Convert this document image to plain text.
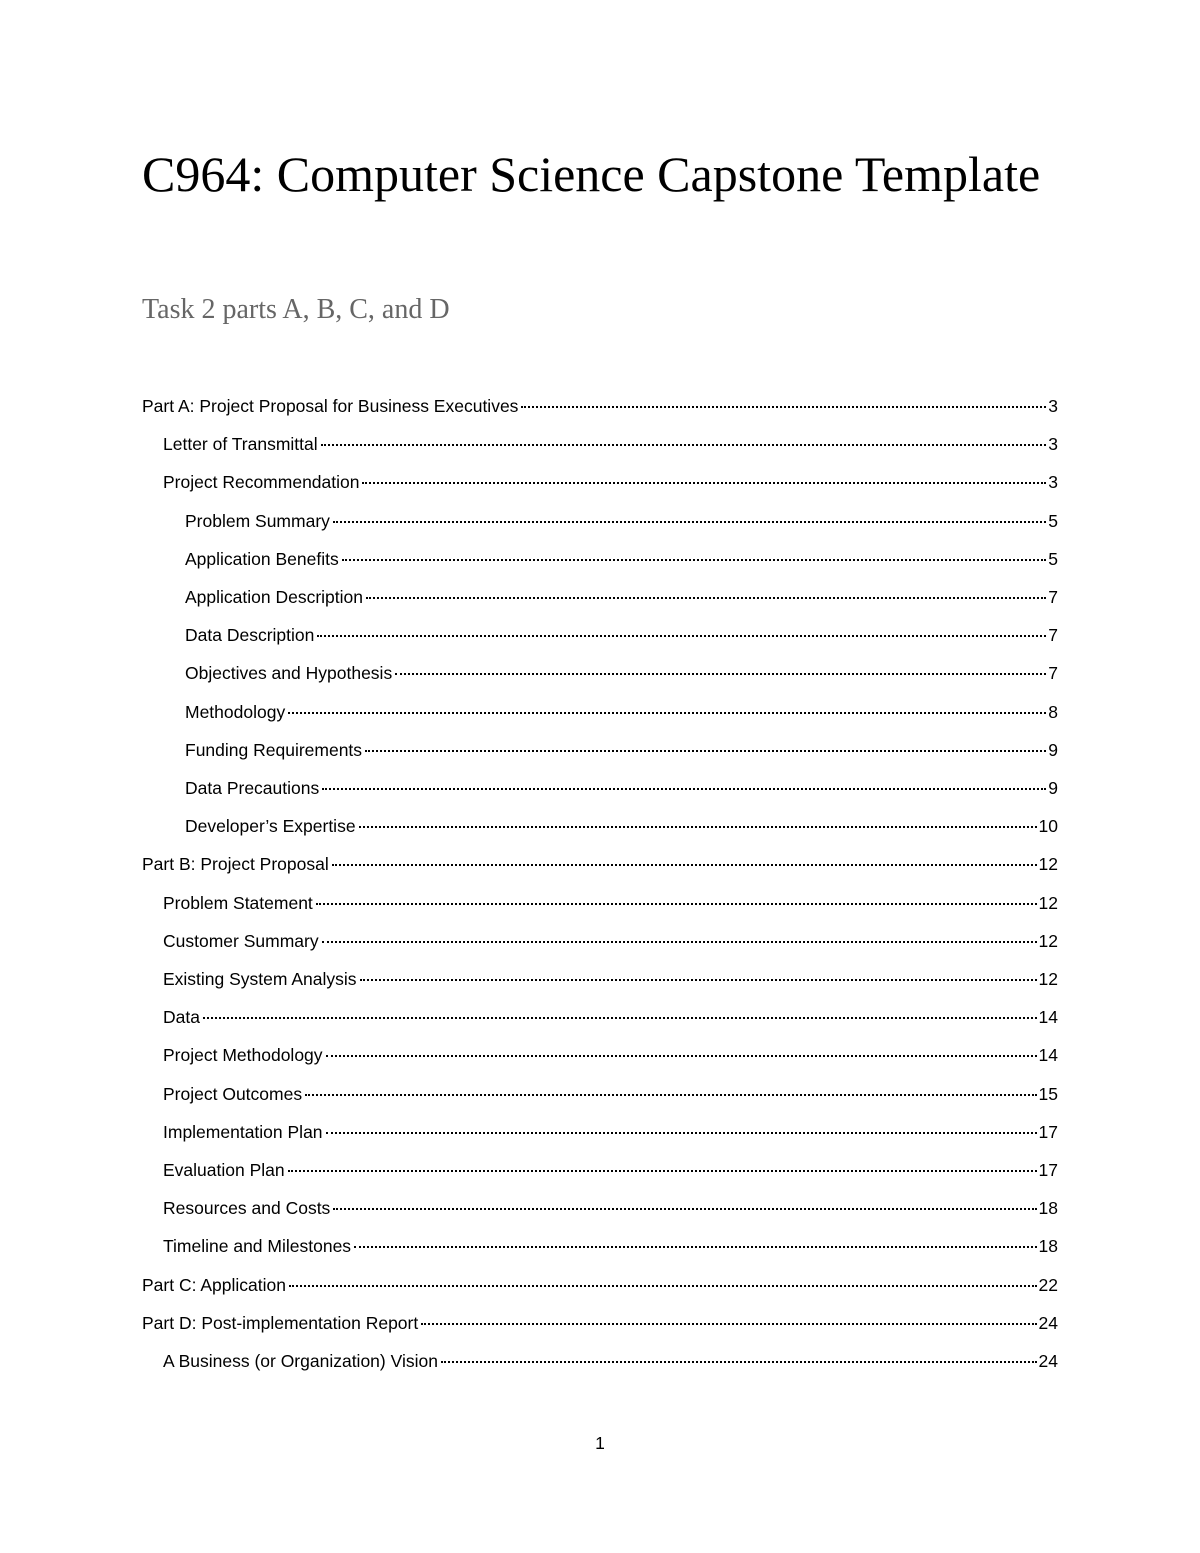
C964: Computer Science Capstone Template
Task 2 parts A, B, C, and D
Part A: Project Proposal for Business Executives	3
Letter of Transmittal	3
Project Recommendation	3
Problem Summary	5
Application Benefits	5
Application Description	7
Data Description	7
Objectives and Hypothesis	7
Methodology	8
Funding Requirements	9
Data Precautions	9
Developer’s Expertise	10
Part B: Project Proposal	12
Problem Statement	12
Customer Summary	12
Existing System Analysis	12
Data	14
Project Methodology	14
Project Outcomes	15
Implementation Plan	17
Evaluation Plan	17
Resources and Costs	18
Timeline and Milestones	18
Part C: Application	22
Part D: Post-implementation Report	24
A Business (or Organization) Vision	24
1
